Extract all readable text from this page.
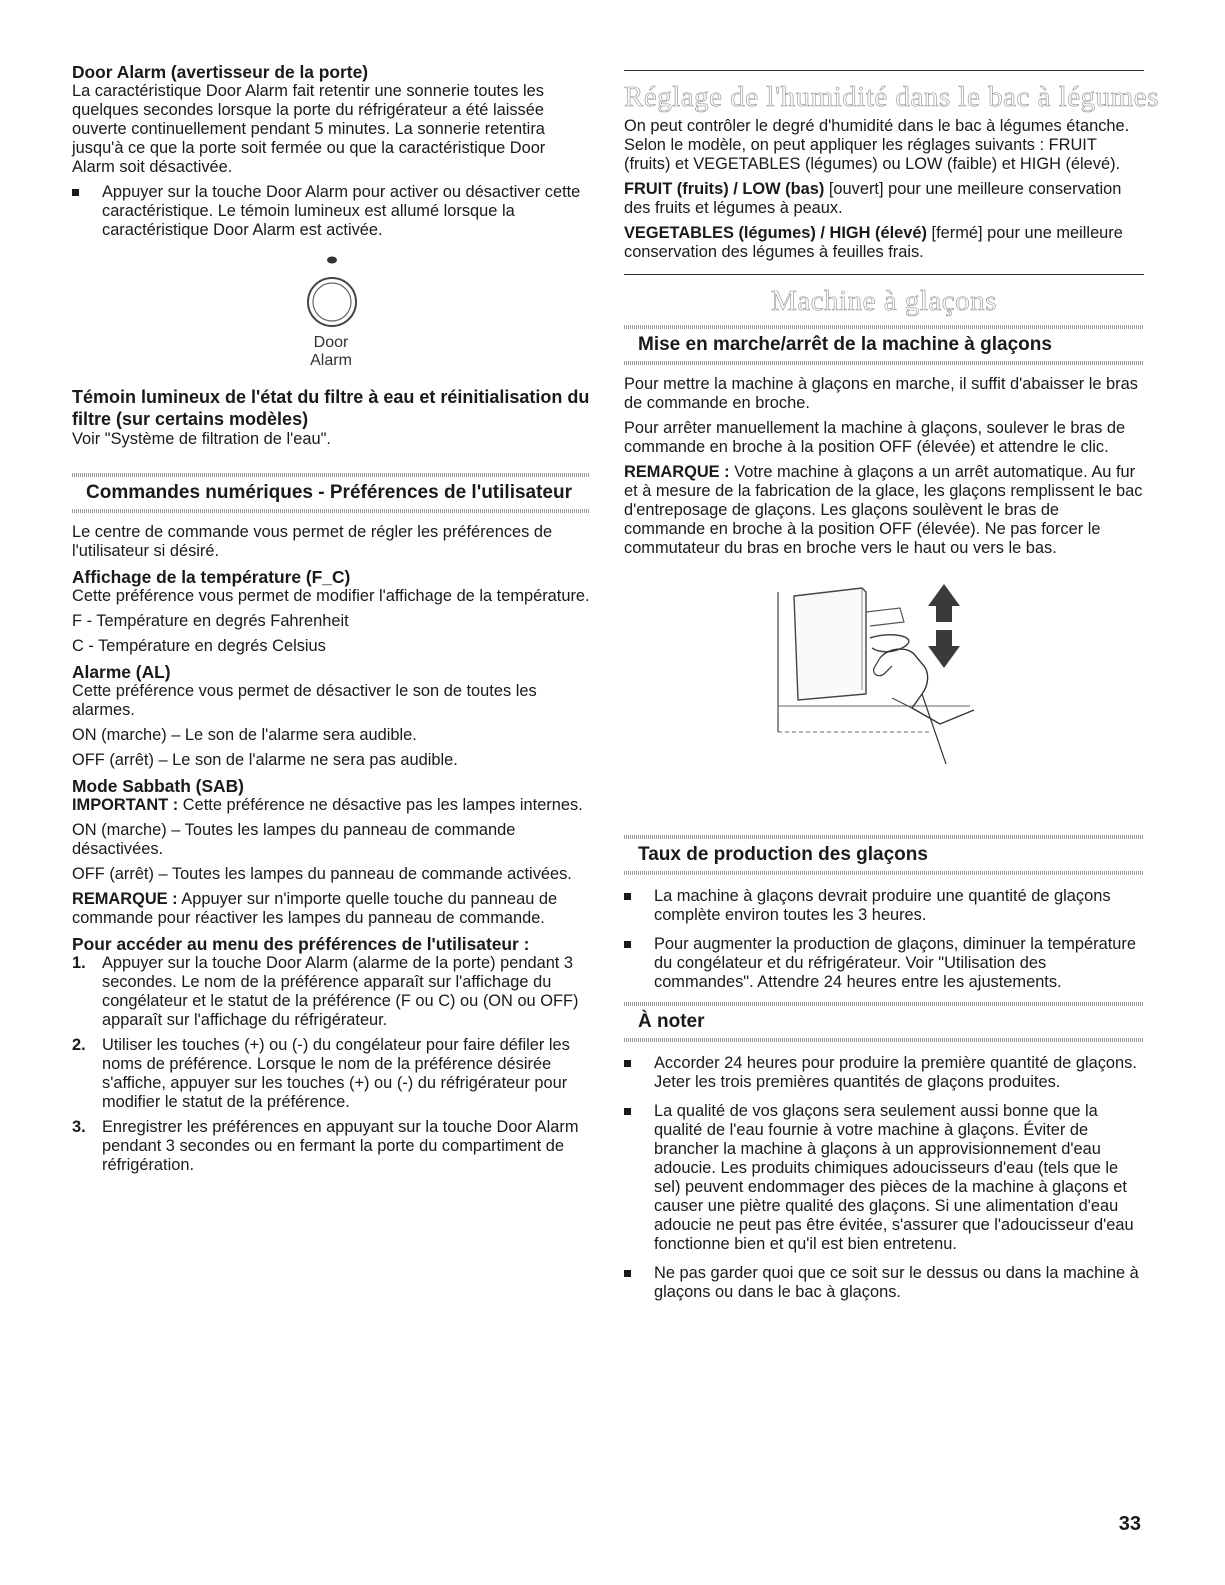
Door Alarm (avertisseur de la porte)

La caractéristique Door Alarm fait retentir une sonnerie toutes les quelques secondes lorsque la porte du réfrigérateur a été laissée ouverte continuellement pendant 5 minutes. La sonnerie retentira jusqu'à ce que la porte soit fermée ou que la caractéristique Door Alarm soit désactivée.

Appuyer sur la touche Door Alarm pour activer ou désactiver cette caractéristique. Le témoin lumineux est allumé lorsque la caractéristique Door Alarm est activée.
Door
Alarm
Témoin lumineux de l'état du filtre à eau et réinitialisation du filtre (sur certains modèles)

Voir "Système de filtration de l'eau".

Commandes numériques - Préférences de l'utilisateur

Le centre de commande vous permet de régler les préférences de l'utilisateur si désiré.

Affichage de la température (F_C)

Cette préférence vous permet de modifier l'affichage de la température.

F - Température en degrés Fahrenheit

C - Température en degrés Celsius

Alarme (AL)

Cette préférence vous permet de désactiver le son de toutes les alarmes.

ON (marche) – Le son de l'alarme sera audible.

OFF (arrêt) – Le son de l'alarme ne sera pas audible.

Mode Sabbath (SAB)

IMPORTANT : Cette préférence ne désactive pas les lampes internes.

ON (marche) – Toutes les lampes du panneau de commande désactivées.

OFF (arrêt) – Toutes les lampes du panneau de commande activées.

REMARQUE : Appuyer sur n'importe quelle touche du panneau de commande pour réactiver les lampes du panneau de commande.

Pour accéder au menu des préférences de l'utilisateur :
1. Appuyer sur la touche Door Alarm (alarme de la porte) pendant 3 secondes. Le nom de la préférence apparaît sur l'affichage du congélateur et le statut de la préférence (F ou C) ou (ON ou OFF) apparaît sur l'affichage du réfrigérateur.
2. Utiliser les touches (+) ou (-) du congélateur pour faire défiler les noms de préférence. Lorsque le nom de la préférence désirée s'affiche, appuyer sur les touches (+) ou (-) du réfrigérateur pour modifier le statut de la préférence.
3. Enregistrer les préférences en appuyant sur la touche Door Alarm pendant 3 secondes ou en fermant la porte du compartiment de réfrigération.
Réglage de l'humidité dans le bac à légumes

On peut contrôler le degré d'humidité dans le bac à légumes étanche. Selon le modèle, on peut appliquer les réglages suivants : FRUIT (fruits) et VEGETABLES (légumes) ou LOW (faible) et HIGH (élevé).

FRUIT (fruits) / LOW (bas) [ouvert] pour une meilleure conservation des fruits et légumes à peaux.

VEGETABLES (légumes) / HIGH (élevé) [fermé] pour une meilleure conservation des légumes à feuilles frais.

Machine à glaçons
Mise en marche/arrêt de la machine à glaçons

Pour mettre la machine à glaçons en marche, il suffit d'abaisser le bras de commande en broche.

Pour arrêter manuellement la machine à glaçons, soulever le bras de commande en broche à la position OFF (élevée) et attendre le clic.

REMARQUE : Votre machine à glaçons a un arrêt automatique. Au fur et à mesure de la fabrication de la glace, les glaçons remplissent le bac d'entreposage de glaçons. Les glaçons soulèvent le bras de commande en broche à la position OFF (élevée). Ne pas forcer le commutateur du bras en broche vers le haut ou vers le bas.

Taux de production des glaçons
La machine à glaçons devrait produire une quantité de glaçons complète environ toutes les 3 heures.
Pour augmenter la production de glaçons, diminuer la température du congélateur et du réfrigérateur. Voir "Utilisation des commandes". Attendre 24 heures entre les ajustements.
À noter
Accorder 24 heures pour produire la première quantité de glaçons. Jeter les trois premières quantités de glaçons produites.
La qualité de vos glaçons sera seulement aussi bonne que la qualité de l'eau fournie à votre machine à glaçons. Éviter de brancher la machine à glaçons à un approvisionnement d'eau adoucie. Les produits chimiques adoucisseurs d'eau (tels que le sel) peuvent endommager des pièces de la machine à glaçons et causer une piètre qualité des glaçons. Si une alimentation d'eau adoucie ne peut pas être évitée, s'assurer que l'adoucisseur d'eau fonctionne bien et qu'il est bien entretenu.
Ne pas garder quoi que ce soit sur le dessus ou dans la machine à glaçons ou dans le bac à glaçons.
33
